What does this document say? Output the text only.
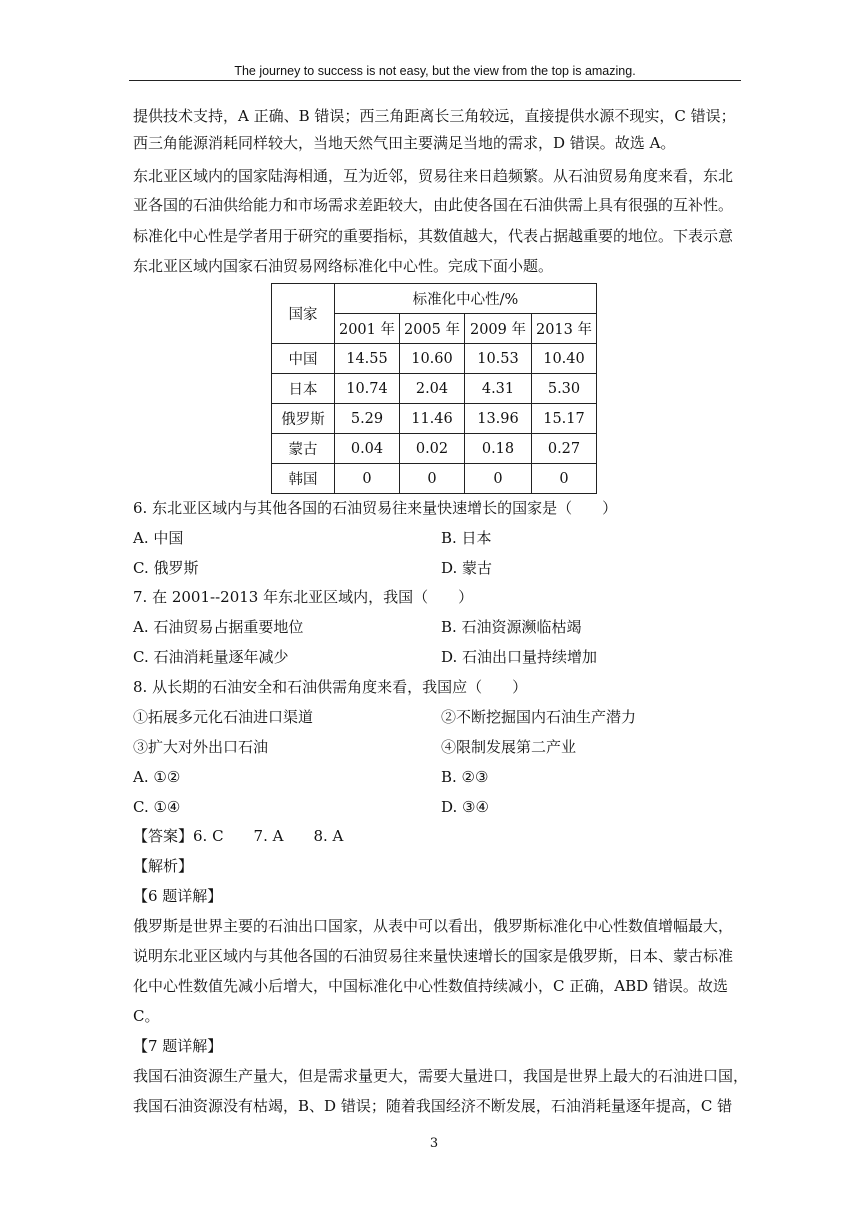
The journey to success is not easy, but the view from the top is amazing.
提供技术支持，A 正确、B 错误；西三角距离长三角较远，直接提供水源不现实，C 错误；
西三角能源消耗同样较大，当地天然气田主要满足当地的需求，D 错误。故选 A。
东北亚区域内的国家陆海相通，互为近邻，贸易往来日趋频繁。从石油贸易角度来看，东北
亚各国的石油供给能力和市场需求差距较大，由此使各国在石油供需上具有很强的互补性。
标准化中心性是学者用于研究的重要指标，其数值越大，代表占据越重要的地位。下表示意
东北亚区域内国家石油贸易网络标准化中心性。完成下面小题。
国家	标准化中心性/%			
	2001 年	2005 年	2009 年	2013 年
中国	14.55	10.60	10.53	10.40
日本	10.74	2.04	4.31	5.30
俄罗斯	5.29	11.46	13.96	15.17
蒙古	0.04	0.02	0.18	0.27
韩国	0	0	0	0
6. 东北亚区域内与其他各国的石油贸易往来量快速增长的国家是（　　）
A. 中国	B. 日本
C. 俄罗斯	D. 蒙古
7. 在 2001--2013 年东北亚区域内，我国（　　）
A. 石油贸易占据重要地位	B. 石油资源濒临枯竭
C. 石油消耗量逐年减少	D. 石油出口量持续增加
8. 从长期的石油安全和石油供需角度来看，我国应（　　）
①拓展多元化石油进口渠道	②不断挖掘国内石油生产潜力
③扩大对外出口石油	④限制发展第二产业
A. ①②	B. ②③
C. ①④	D. ③④
【答案】6. C　　7. A　　8. A
【解析】
【6 题详解】
俄罗斯是世界主要的石油出口国家，从表中可以看出，俄罗斯标准化中心性数值增幅最大，
说明东北亚区域内与其他各国的石油贸易往来量快速增长的国家是俄罗斯，日本、蒙古标准
化中心性数值先减小后增大，中国标准化中心性数值持续减小，C 正确，ABD 错误。故选
C。
【7 题详解】
我国石油资源生产量大，但是需求量更大，需要大量进口，我国是世界上最大的石油进口国，
我国石油资源没有枯竭，B、D 错误；随着我国经济不断发展，石油消耗量逐年提高，C 错
3
